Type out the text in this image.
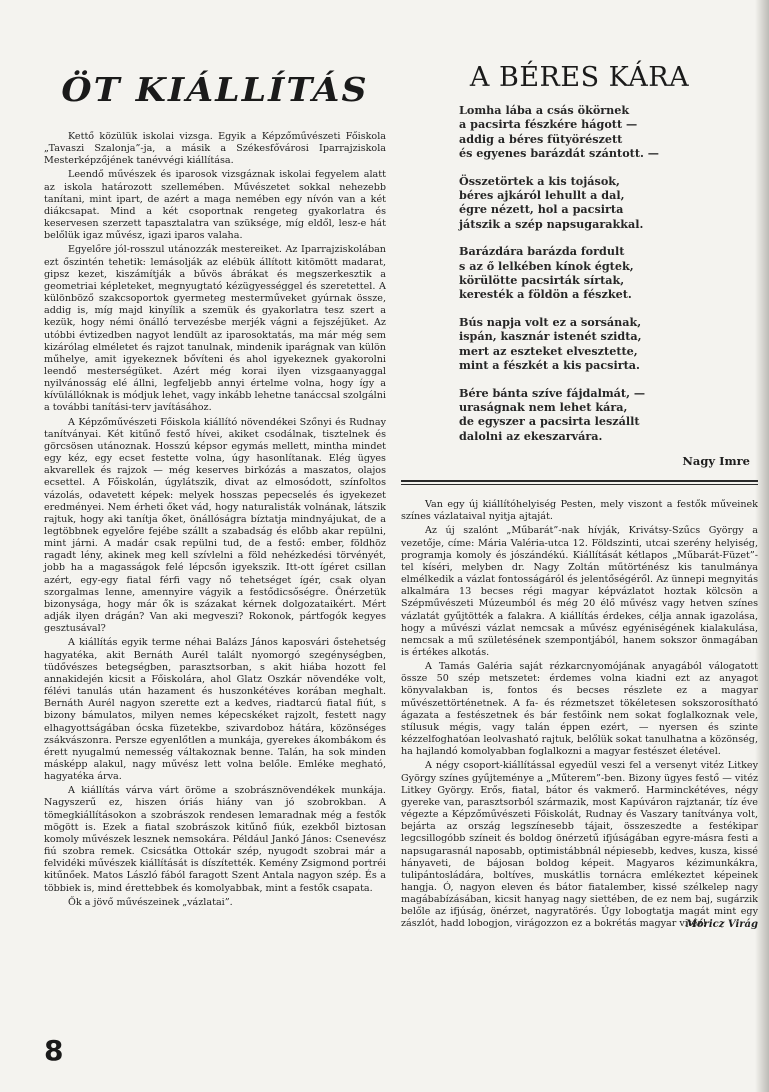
ÖT KIÁLLÍTÁS

Kettő közülük iskolai vizsga. Egyik a Képzőművészeti Főiskola „Tavaszi Szalonja”-ja, a másik a Székesfővárosi Iparrajziskola Mesterképzőjének tanévvégi kiállítása.

Leendő művészek és iparosok vizsgáznak iskolai fegyelem alatt az iskola határozott szellemében. Művészetet sokkal nehezebb tanítani, mint ipart, de azért a maga nemében egy nívón van a két diákcsapat. Mind a két csoportnak rengeteg gyakorlatra és keservesen szerzett tapasztalatra van szüksége, míg eldől, lesz-e hát belőlük igaz művész, igazi iparos valaha.

Egyelőre jól-rosszul utánozzák mestereiket. Az Iparrajziskolában ezt őszintén tehetik: lemásolják az elébük állított kitömött madarat, gipsz kezet, kiszámítják a bűvös ábrákat és megszerkesztik a geometriai képleteket, megnyugtató kézügyességgel és szeretettel. A különböző szakcsoportok gyermeteg mesterműveket gyúrnak össze, addig is, míg majd kinyílik a szemük és gyakorlatra tesz szert a kezük, hogy némi önálló tervezésbe merjék vágni a fejszéjüket. Az utóbbi évtizedben nagyot lendült az iparosoktatás, ma már még sem kizárólag elméletet és rajzot tanulnak, mindenik iparágnak van külön műhelye, amit igyekeznek bővíteni és ahol igyekeznek gyakorolni leendő mesterségüket. Azért még korai ilyen vizsgaanyaggal nyilvánosság elé állni, legfeljebb annyi értelme volna, hogy így a kívülállóknak is módjuk lehet, vagy inkább lehetne tanáccsal szolgálni a további tanítási-terv javításához.

A Képzőművészeti Főiskola kiállító növendékei Szőnyi és Rudnay tanítványai. Két kitűnő festő hívei, akiket csodálnak, tisztelnek és görcsösen utánoznak. Hosszú képsor egymás mellett, mintha mindet egy kéz, egy ecset festette volna, úgy hasonlítanak. Elég ügyes akvarellek és rajzok — még keserves birkózás a maszatos, olajos ecsettel. A Főiskolán, úgylátszik, divat az elmosódott, színfoltos vázolás, odavetett képek: melyek hosszas pepecselés és igyekezet eredményei. Nem érheti őket vád, hogy naturalisták volnának, látszik rajtuk, hogy aki tanítja őket, önállóságra bíztatja mindnyájukat, de a legtöbbnek egyelőre fejébe szállt a szabadság és előbb akar repülni, mint járni. A madár csak repülni tud, de a festő: ember, földhöz ragadt lény, akinek meg kell szívlelni a föld nehézkedési törvényét, jobb ha a magasságok felé lépcsőn igyekszik. Itt-ott ígéret csillan azért, egy-egy fiatal férfi vagy nő tehetséget ígér, csak olyan szorgalmas lenne, amennyire vágyik a festődicsőségre. Önérzetük bizonysága, hogy már ők is százakat kérnek dolgozataikért. Mért adják ilyen drágán? Van aki megveszi? Rokonok, pártfogók kegyes gesztusával?

A kiállítás egyik terme néhai Balázs János kaposvári őstehetség hagyatéka, akit Bernáth Aurél talált nyomorgó szegénységben, tüdővészes betegségben, parasztsorban, s akit hiába hozott fel annakidején kicsit a Főiskolára, ahol Glatz Oszkár növendéke volt, félévi tanulás után hazament és huszonkétéves korában meghalt. Bernáth Aurél nagyon szerette ezt a kedves, riadtarcú fiatal fiút, s bizony bámulatos, milyen nemes képecskéket rajzolt, festett nagy elhagyottságában ócska füzetekbe, szivardoboz hátára, közönséges zsákvászonra. Persze egyenlőtlen a munkája, gyerekes ákombákom és érett nyugalmú nemesség váltakoznak benne. Talán, ha sok minden másképp alakul, nagy művész lett volna belőle. Emléke megható, hagyatéka árva.

A kiállítás várva várt öröme a szobrásznövendékek munkája. Nagyszerű ez, hiszen óriás hiány van jó szobrokban. A tömegkiállításokon a szobrászok rendesen lemaradnak még a festők mögött is. Ezek a fiatal szobrászok kitűnő fiúk, ezekből biztosan komoly művészek lesznek nemsokára. Például Jankó János: Csenevész fiú szobra remek. Csicsátka Ottokár szép, nyugodt szobrai már a felvidéki művészek kiállítását is díszítették. Kemény Zsigmond portréi kitűnőek. Matos László fából faragott Szent Antala nagyon szép. És a többiek is, mind érettebbek és komolyabbak, mint a festők csapata.

Ők a jövő művészeinek „vázlatai”.

A BÉRES KÁRA
Lomha lába a csás ökörnek
a pacsirta fészkére hágott —
addig a béres fütyörészett
és egyenes barázdát szántott. —
Összetörtek a kis tojások,
béres ajkáról lehullt a dal,
égre nézett, hol a pacsirta
játszik a szép napsugarakkal.
Barázdára barázda fordult
s az ő lelkében kínok égtek,
körülötte pacsirták sírtak,
keresték a földön a fészket.
Bús napja volt ez a sorsának,
ispán, kasznár istenét szidta,
mert az eszteket elvesztette,
mint a fészkét a kis pacsirta.
Bére bánta szíve fájdalmát, —
uraságnak nem lehet kára,
de egyszer a pacsirta leszállt
dalolni az ekeszarvára.
Nagy Imre

Van egy új kiállítóhelyiség Pesten, mely viszont a festők műveinek színes vázlataival nyitja ajtaját.

Az új szalónt „Műbarát”-nak hívják, Krivátsy-Szűcs György a vezetője, címe: Mária Valéria-utca 12. Földszinti, utcai szerény helyiség, programja komoly és jószándékú. Kiállítását kétlapos „Műbarát-Füzet”-tel kíséri, melyben dr. Nagy Zoltán műtörténész kis tanulmánya elmélkedik a vázlat fontosságáról és jelentőségéről. Az ünnepi megnyitás alkalmára 13 becses régi magyar képvázlatot hoztak kölcsön a Szépművészeti Múzeumból és még 20 élő művész vagy hetven színes vázlatát gyűjtötték a falakra. A kiállítás érdekes, célja annak igazolása, hogy a művészi vázlat nemcsak a művész egyéniségének kialakulása, nemcsak a mű születésének szempontjából, hanem sokszor önmagában is értékes alkotás.

A Tamás Galéria saját rézkarcnyomójának anyagából válogatott össze 50 szép metszetet: érdemes volna kiadni ezt az anyagot könyvalakban is, fontos és becses részlete ez a magyar művészettörténetnek. A fa- és rézmetszet tökéletesen sokszorosítható ágazata a festészetnek és bár festőink nem sokat foglalkoznak vele, stílusuk mégis, vagy talán éppen ezért, — nyersen és szinte kézzelfoghatóan leolvasható rajtuk, belőlük sokat tanulhatna a közönség, ha hajlandó komolyabban foglalkozni a magyar festészet életével.

A négy csoport-kiállítással egyedül veszi fel a versenyt vitéz Litkey György színes gyűjteménye a „Műterem”-ben. Bizony ügyes festő — vitéz Litkey György. Erős, fiatal, bátor és vakmerő. Harminckétéves, négy gyereke van, parasztsorból származik, most Kapúváron rajztanár, tíz éve végezte a Képzőművészeti Főiskolát, Rudnay és Vaszary tanítványa volt, bejárta az ország legszínesebb tájait, összeszedte a festékipar legcsillogóbb színeit és boldog önérzetű ifjúságában egyre-másra festi a napsugarasnál naposabb, optimistábbnál népiesebb, kedves, kusza, kissé hányaveti, de bájosan boldog képeit. Magyaros kézimunkákra, tulipántosládára, boltíves, muskátlis tornácra emlékeztet képeinek hangja. Ó, nagyon eleven és bátor fiatalember, kissé szélkelep nagy magábabízásában, kicsit hanyag nagy siettében, de ez nem baj, sugárzik belőle az ifjúság, önérzet, nagyratörés. Úgy lobogtatja magát mint egy zászlót, hadd lobogjon, virágozzon ez a bokrétás magyar vitéz!

Móricz Virág
8
